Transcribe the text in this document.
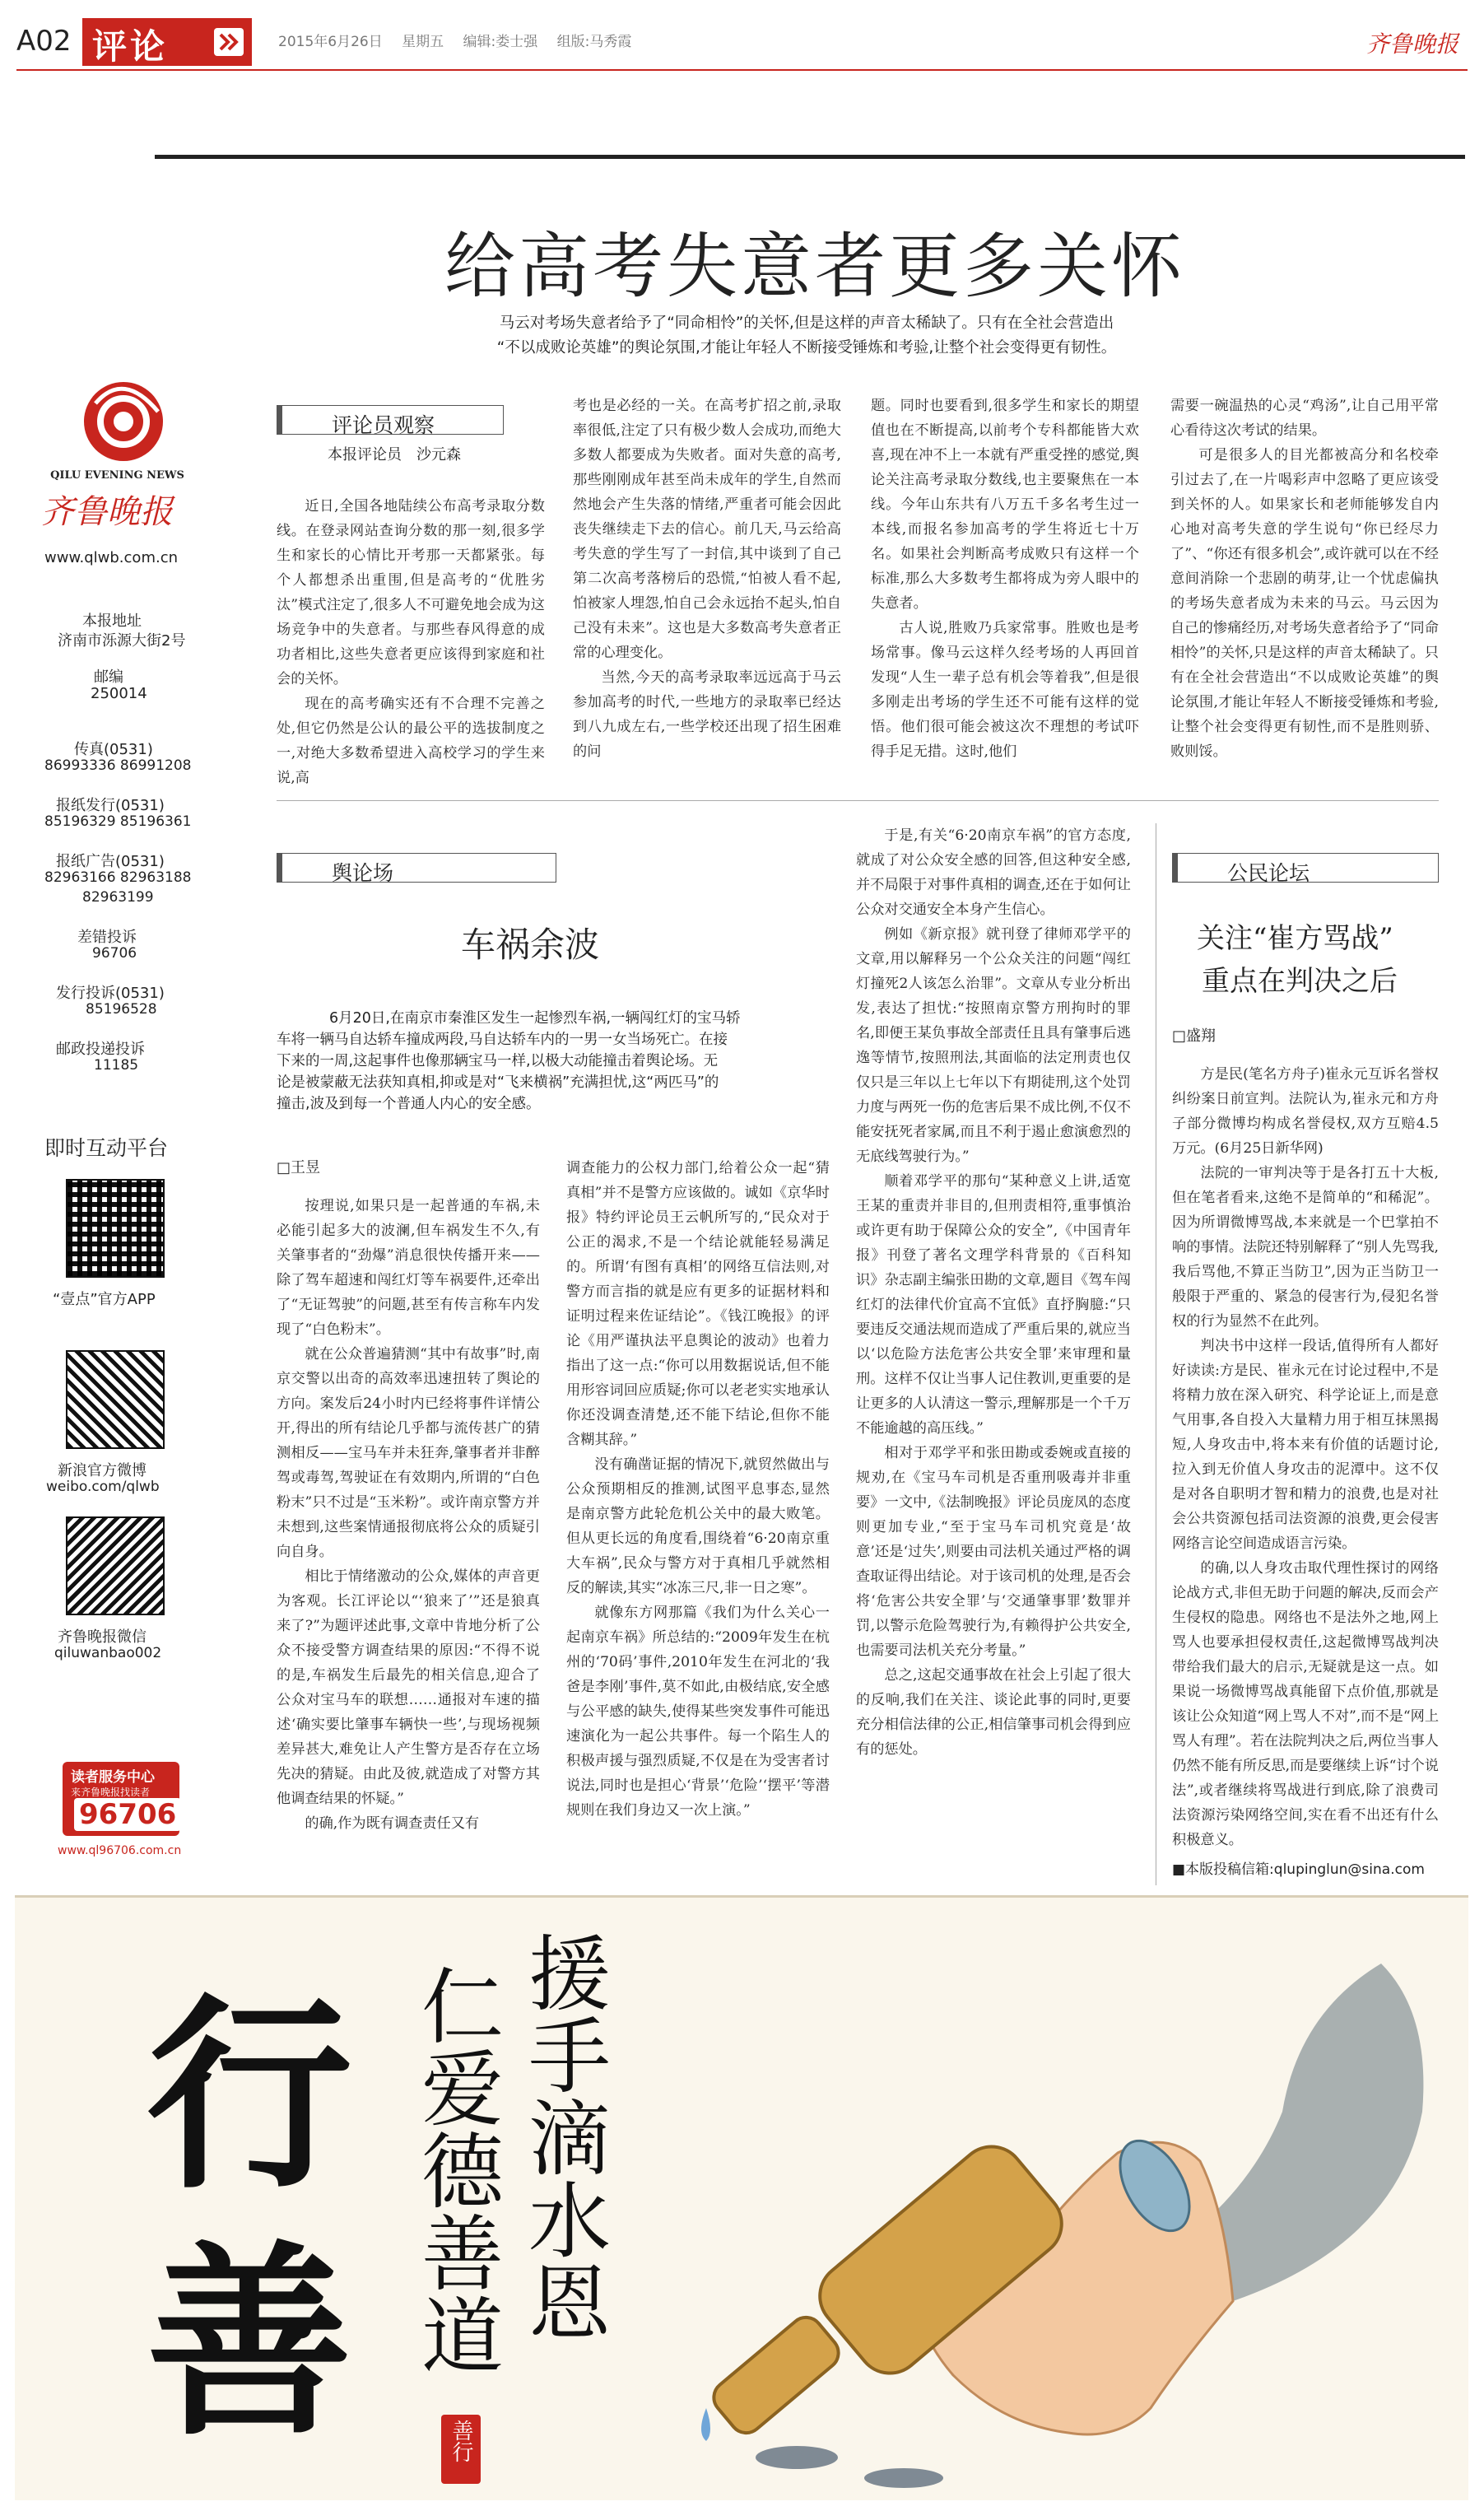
A02 评论	2015年6月26日 星期五 编辑:娄士强 组版:马秀霞	齐鲁晚报
QILU EVENING NEWS
齐鲁晚报
www.qlwb.com.cn
本报地址
济南市泺源大街2号
邮编
250014
传真(0531)
86993336 86991208
报纸发行(0531)
85196329 85196361
报纸广告(0531)
82963166 82963188
82963199
差错投诉
96706
发行投诉(0531)
85196528
邮政投递投诉
11185
即时互动平台
“壹点”官方APP
新浪官方微博
weibo.com/qlwb
齐鲁晚报微信
qiluwanbao002
读者服务中心
来齐鲁晚报找读者
96706
www.ql96706.com.cn
给高考失意者更多关怀
马云对考场失意者给予了“同命相怜”的关怀,但是这样的声音太稀缺了。只有在全社会营造出
“不以成败论英雄”的舆论氛围,才能让年轻人不断接受锤炼和考验,让整个社会变得更有韧性。
评论员观察
本报评论员　沙元森

近日,全国各地陆续公布高考录取分数线。在登录网站查询分数的那一刻,很多学生和家长的心情比开考那一天都紧张。每个人都想杀出重围,但是高考的“优胜劣汰”模式注定了,很多人不可避免地会成为这场竞争中的失意者。与那些春风得意的成功者相比,这些失意者更应该得到家庭和社会的关怀。

现在的高考确实还有不合理不完善之处,但它仍然是公认的最公平的选拔制度之一,对绝大多数希望进入高校学习的学生来说,高

考也是必经的一关。在高考扩招之前,录取率很低,注定了只有极少数人会成功,而绝大多数人都要成为失败者。面对失意的高考,那些刚刚成年甚至尚未成年的学生,自然而然地会产生失落的情绪,严重者可能会因此丧失继续走下去的信心。前几天,马云给高考失意的学生写了一封信,其中谈到了自己第二次高考落榜后的恐慌,“怕被人看不起,怕被家人埋怨,怕自己会永远抬不起头,怕自己没有未来”。这也是大多数高考失意者正常的心理变化。

当然,今天的高考录取率远远高于马云参加高考的时代,一些地方的录取率已经达到八九成左右,一些学校还出现了招生困难的问

题。同时也要看到,很多学生和家长的期望值也在不断提高,以前考个专科都能皆大欢喜,现在冲不上一本就有严重受挫的感觉,舆论关注高考录取分数线,也主要聚焦在一本线。今年山东共有八万五千多名考生过一本线,而报名参加高考的学生将近七十万名。如果社会判断高考成败只有这样一个标准,那么大多数考生都将成为旁人眼中的失意者。

古人说,胜败乃兵家常事。胜败也是考场常事。像马云这样久经考场的人再回首发现“人生一辈子总有机会等着我”,但是很多刚走出考场的学生还不可能有这样的觉悟。他们很可能会被这次不理想的考试吓得手足无措。这时,他们

需要一碗温热的心灵“鸡汤”,让自己用平常心看待这次考试的结果。

可是很多人的目光都被高分和名校牵引过去了,在一片喝彩声中忽略了更应该受到关怀的人。如果家长和老师能够发自内心地对高考失意的学生说句“你已经尽力了”、“你还有很多机会”,或许就可以在不经意间消除一个悲剧的萌芽,让一个忧虑偏执的考场失意者成为未来的马云。马云因为自己的惨痛经历,对考场失意者给予了“同命相怜”的关怀,只是这样的声音太稀缺了。只有在全社会营造出“不以成败论英雄”的舆论氛围,才能让年轻人不断接受锤炼和考验,让整个社会变得更有韧性,而不是胜则骄、败则馁。

舆论场
车祸余波
6月20日,在南京市秦淮区发生一起惨烈车祸,一辆闯红灯的宝马轿
车将一辆马自达轿车撞成两段,马自达轿车内的一男一女当场死亡。在接
下来的一周,这起事件也像那辆宝马一样,以极大动能撞击着舆论场。无
论是被蒙蔽无法获知真相,抑或是对“飞来横祸”充满担忧,这“两匹马”的
撞击,波及到每一个普通人内心的安全感。
□王昱

按理说,如果只是一起普通的车祸,未必能引起多大的波澜,但车祸发生不久,有关肇事者的“劲爆”消息很快传播开来——除了驾车超速和闯红灯等车祸要件,还牵出了“无证驾驶”的问题,甚至有传言称车内发现了“白色粉末”。

就在公众普遍猜测“其中有故事”时,南京交警以出奇的高效率迅速扭转了舆论的方向。案发后24小时内已经将事件详情公开,得出的所有结论几乎都与流传甚广的猜测相反——宝马车并未狂奔,肇事者并非醉驾或毒驾,驾驶证在有效期内,所谓的“白色粉末”只不过是“玉米粉”。或许南京警方并未想到,这些案情通报彻底将公众的质疑引向自身。

相比于情绪激动的公众,媒体的声音更为客观。长江评论以“‘狼来了’”还是狼真来了?”为题评述此事,文章中肯地分析了公众不接受警方调查结果的原因:“不得不说的是,车祸发生后最先的相关信息,迎合了公众对宝马车的联想……通报对车速的描述‘确实要比肇事车辆快一些’,与现场视频差异甚大,难免让人产生警方是否存在立场先决的猜疑。由此及彼,就造成了对警方其他调查结果的怀疑。”

的确,作为既有调查责任又有

调查能力的公权力部门,给着公众一起“猜真相”并不是警方应该做的。诚如《京华时报》特约评论员王云帆所写的,“民众对于公正的渴求,不是一个结论就能轻易满足的。所谓‘有图有真相’的网络互信法则,对警方而言指的就是应有更多的证据材料和证明过程来佐证结论”。《钱江晚报》的评论《用严谨执法平息舆论的波动》也着力指出了这一点:“你可以用数据说话,但不能用形容词回应质疑;你可以老老实实地承认你还没调查清楚,还不能下结论,但你不能含糊其辞。”

没有确凿证据的情况下,就贸然做出与公众预期相反的推测,试图平息事态,显然是南京警方此轮危机公关中的最大败笔。但从更长远的角度看,围绕着“6·20南京重大车祸”,民众与警方对于真相几乎就然相反的解读,其实“冰冻三尺,非一日之寒”。

就像东方网那篇《我们为什么关心一起南京车祸》所总结的:“2009年发生在杭州的‘70码’事件,2010年发生在河北的‘我爸是李刚’事件,莫不如此,由极结底,安全感与公平感的缺失,使得某些突发事件可能迅速演化为一起公共事件。每一个陷生人的积极声援与强烈质疑,不仅是在为受害者讨说法,同时也是担心‘背景’‘危险’‘摆平’等潜规则在我们身边又一次上演。”

于是,有关“6·20南京车祸”的官方态度,就成了对公众安全感的回答,但这种安全感,并不局限于对事件真相的调查,还在于如何让公众对交通安全本身产生信心。

例如《新京报》就刊登了律师邓学平的文章,用以解释另一个公众关注的问题“闯红灯撞死2人该怎么治罪”。文章从专业分析出发,表达了担忧:“按照南京警方刑拘时的罪名,即便王某负事故全部责任且具有肇事后逃逸等情节,按照刑法,其面临的法定刑责也仅仅只是三年以上七年以下有期徒刑,这个处罚力度与两死一伤的危害后果不成比例,不仅不能安抚死者家属,而且不利于遏止愈演愈烈的无底线驾驶行为。”

顺着邓学平的那句“某种意义上讲,适宽王某的重责并非目的,但刑责相符,重事慎治或许更有助于保障公众的安全”,《中国青年报》刊登了著名文理学科背景的《百科知识》杂志副主编张田勘的文章,题目《驾车闯红灯的法律代价宜高不宜低》直抒胸臆:“只要违反交通法规而造成了严重后果的,就应当以‘以危险方法危害公共安全罪’来审理和量刑。这样不仅让当事人记住教训,更重要的是让更多的人认清这一警示,理解那是一个千万不能逾越的高压线。”

相对于邓学平和张田勘或委婉或直接的规劝,在《宝马车司机是否重刑吸毒并非重要》一文中,《法制晚报》评论员庞凤的态度则更加专业,“至于宝马车司机究竟是‘故意’还是‘过失’,则要由司法机关通过严格的调查取证得出结论。对于该司机的处理,是否会将‘危害公共安全罪’与‘交通肇事罪’数罪并罚,以警示危险驾驶行为,有赖得护公共安全,也需要司法机关充分考量。”

总之,这起交通事故在社会上引起了很大的反响,我们在关注、谈论此事的同时,更要充分相信法律的公正,相信肇事司机会得到应有的惩处。

公民论坛
关注“崔方骂战”
重点在判决之后
□盛翔

方是民(笔名方舟子)崔永元互诉名誉权纠纷案日前宣判。法院认为,崔永元和方舟子部分微博均构成名誉侵权,双方互赔4.5万元。(6月25日新华网)

法院的一审判决等于是各打五十大板,但在笔者看来,这绝不是简单的“和稀泥”。因为所谓微博骂战,本来就是一个巴掌拍不响的事情。法院还特别解释了“别人先骂我,我后骂他,不算正当防卫”,因为正当防卫一般限于严重的、紧急的侵害行为,侵犯名誉权的行为显然不在此列。

判决书中这样一段话,值得所有人都好好读读:方是民、崔永元在讨论过程中,不是将精力放在深入研究、科学论证上,而是意气用事,各自投入大量精力用于相互抹黑揭短,人身攻击中,将本来有价值的话题讨论,拉入到无价值人身攻击的泥潭中。这不仅是对各自职明才智和精力的浪费,也是对社会公共资源包括司法资源的浪费,更会侵害网络言论空间造成语言污染。

的确,以人身攻击取代理性探讨的网络论战方式,非但无助于问题的解决,反而会产生侵权的隐患。网络也不是法外之地,网上骂人也要承担侵权责任,这起微博骂战判决带给我们最大的启示,无疑就是这一点。如果说一场微博骂战真能留下点价值,那就是该让公众知道“网上骂人不对”,而不是“网上骂人有理”。若在法院判决之后,两位当事人仍然不能有所反思,而是要继续上诉“讨个说法”,或者继续将骂战进行到底,除了浪费司法资源污染网络空间,实在看不出还有什么积极意义。

■本版投稿信箱:qlupinglun@sina.com
行
善 援手滴水恩
仁爱德善道
善行
